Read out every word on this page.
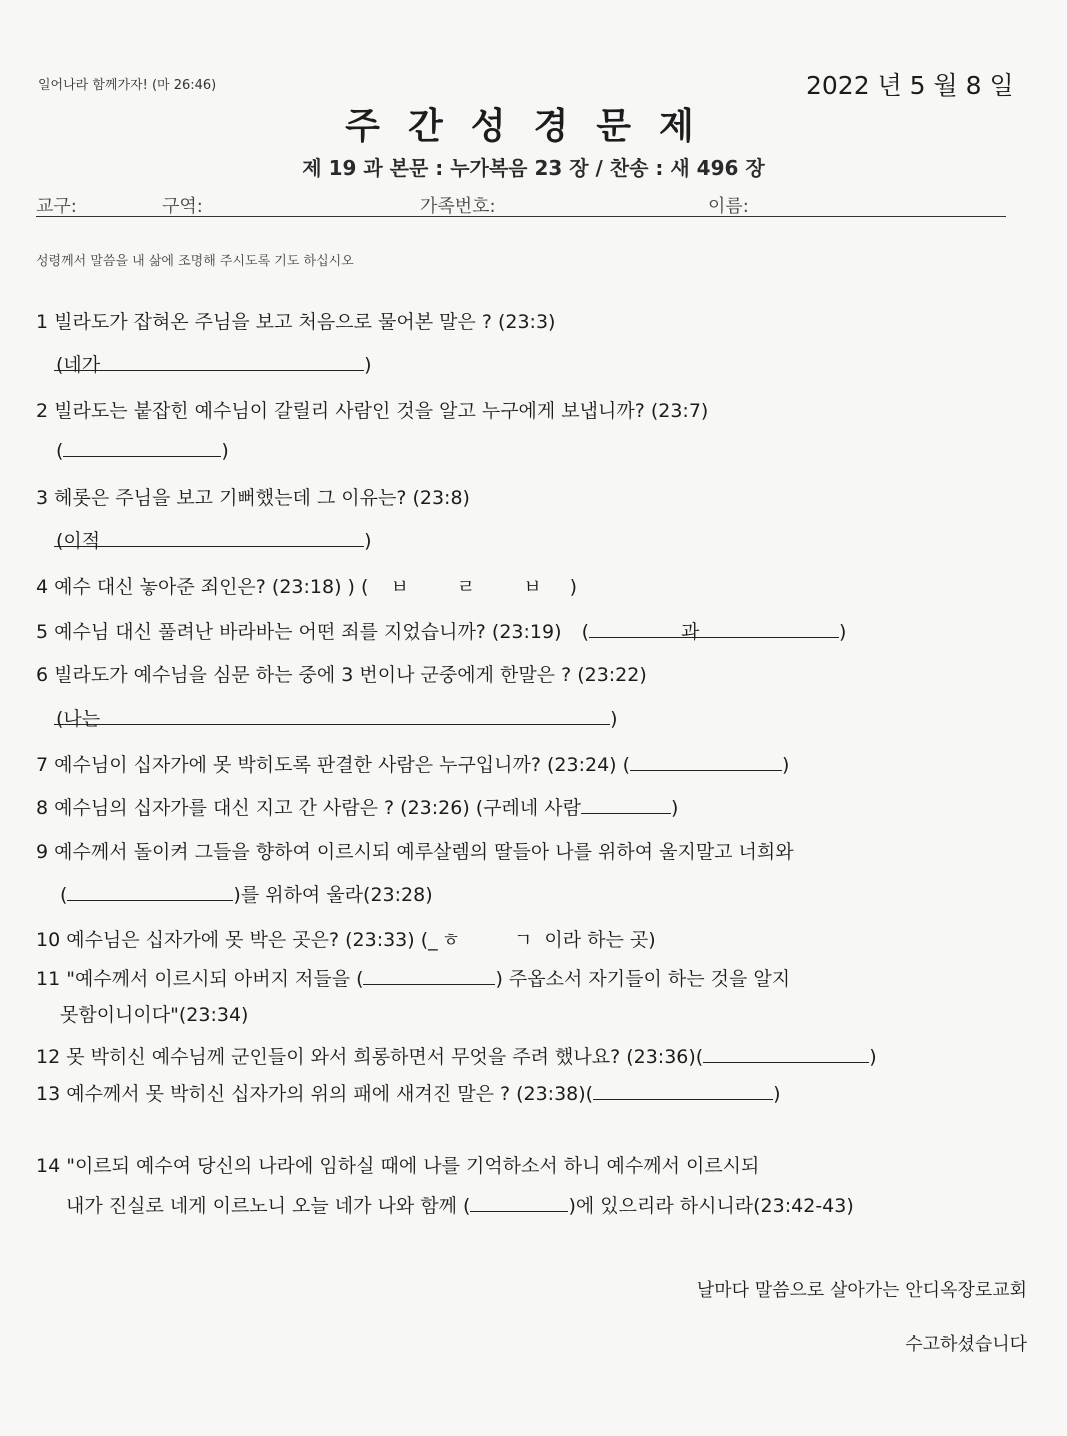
일어나라 함께가자! (마 26:46)	2022 년 5 월 8 일
주간성경문제
제 19 과 본문 : 누가복음 23 장 / 찬송 : 새 496 장
교구:	구역:	가족번호:	이름:
성령께서 말씀을 내 삶에 조명해 주시도록 기도 하십시오
1 빌라도가 잡혀온 주님을 보고 처음으로 물어본 말은 ? (23:3)
(네가	)
2 빌라도는 붙잡힌 예수님이 갈릴리 사람인 것을 알고 누구에게 보냅니까? (23:7)
(	)
3 헤롯은 주님을 보고 기뻐했는데 그 이유는? (23:8)
(이적	)
4 예수 대신 놓아준 죄인은? (23:18) ) ( ㅂ	ㄹ	ㅂ )
5 예수님 대신 풀려난 바라바는 어떤 죄를 지었습니까? (23:19) (	과	)
6 빌라도가 예수님을 심문 하는 중에 3 번이나 군중에게 한말은 ? (23:22)
(나는	)
7 예수님이 십자가에 못 박히도록 판결한 사람은 누구입니까? (23:24) (	)
8 예수님의 십자가를 대신 지고 간 사람은 ? (23:26) (구레네 사람	)
9 예수께서 돌이켜 그들을 향하여 이르시되 예루살렘의 딸들아 나를 위하여 울지말고 너희와
(	)를 위하여 울라(23:28)
10 예수님은 십자가에 못 박은 곳은? (23:33) (_ ㅎ	ㄱ 이라 하는 곳)
11 "예수께서 이르시되 아버지 저들을 (	) 주옵소서 자기들이 하는 것을 알지
못함이니이다"(23:34)
12 못 박히신 예수님께 군인들이 와서 희롱하면서 무엇을 주려 했나요? (23:36)(	)
13 예수께서 못 박히신 십자가의 위의 패에 새겨진 말은 ? (23:38)(	)
14 "이르되 예수여 당신의 나라에 임하실 때에 나를 기억하소서 하니 예수께서 이르시되
내가 진실로 네게 이르노니 오늘 네가 나와 함께 (	)에 있으리라 하시니라(23:42-43)
날마다 말씀으로 살아가는 안디옥장로교회
수고하셨습니다
